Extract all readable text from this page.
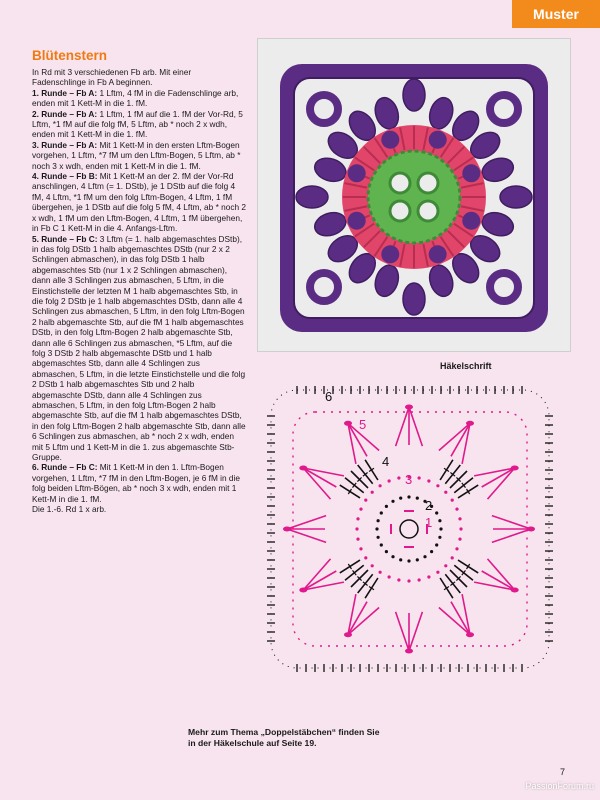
Muster
Blütenstern

In Rd mit 3 verschiedenen Fb arb. Mit einer Fadenschlinge in Fb A beginnen.

1. Runde – Fb A: 1 Lftm, 4 fM in die Fadenschlinge arb, enden mit 1 Kett-M in die 1. fM.

2. Runde – Fb A: 1 Lftm, 1 fM auf die 1. fM der Vor-Rd, 5 Lftm, *1 fM auf die folg fM, 5 Lftm, ab * noch 2 x wdh, enden mit 1 Kett-M in die 1. fM.

3. Runde – Fb A: Mit 1 Kett-M in den ersten Lftm-Bogen vorgehen, 1 Lftm, *7 fM um den Lftm-Bogen, 5 Lftm, ab * noch 3 x wdh, enden mit 1 Kett-M in die 1. fM.

4. Runde – Fb B: Mit 1 Kett-M an der 2. fM der Vor-Rd anschlingen, 4 Lftm (= 1. DStb), je 1 DStb auf die folg 4 fM, 4 Lftm, *1 fM um den folg Lftm-Bogen, 4 Lftm, 1 fM übergehen, je 1 DStb auf die folg 5 fM, 4 Lftm, ab * noch 2 x wdh, 1 fM um den Lftm-Bogen, 4 Lftm, 1 fM übergehen, in Fb C 1 Kett-M in die 4. Anfangs-Lftm.

5. Runde – Fb C: 3 Lftm (= 1. halb abgemaschtes DStb), in das folg DStb 1 halb abgemaschtes DStb (nur 2 x 2 Schlingen abmaschen), in das folg DStb 1 halb abgemaschtes Stb (nur 1 x 2 Schlingen abmaschen), dann alle 3 Schlingen zus abmaschen, 5 Lftm, in die Einstichstelle der letzten M 1 halb abgemaschtes Stb, in die folg 2 DStb je 1 halb abgemaschtes DStb, dann alle 4 Schlingen zus abmaschen, 5 Lftm, in den folg Lftm-Bogen 2 halb abgemaschte Stb, auf die fM 1 halb abgemaschtes DStb, in den folg Lftm-Bogen 2 halb abgemaschte Stb, dann alle 6 Schlingen zus abmaschen, *5 Lftm, auf die folg 3 DStb 2 halb abgemaschte DStb und 1 halb abgemaschtes Stb, dann alle 4 Schlingen zus abmaschen, 5 Lftm, in die letzte Einstichstelle und die folg 2 DStb 1 halb abgemaschtes Stb und 2 halb abgemaschte DStb, dann alle 4 Schlingen zus abmaschen, 5 Lftm, in den folg Lftm-Bogen 2 halb abgemaschte Stb, auf die fM 1 halb abgemaschtes DStb, in den folg Lftm-Bogen 2 halb abgemaschte Stb, dann alle 6 Schlingen zus abmaschen, ab * noch 2 x wdh, enden mit 5 Lftm und 1 Kett-M in die 1. zus abgemaschte Stb-Gruppe.

6. Runde – Fb C: Mit 1 Kett-M in den 1. Lftm-Bogen vorgehen, 1 Lftm, *7 fM in den Lftm-Bogen, je 6 fM in die folg beiden Lftm-Bögen, ab * noch 3 x wdh, enden mit 1 Kett-M in die 1. fM.

Die 1.-6. Rd 1 x arb.

Häkelschrift
1
2
3
4
5
6

Mehr zum Thema „Doppelstäbchen“ finden Sie

in der Häkelschule auf Seite 19.

7
PassionForum.ru
